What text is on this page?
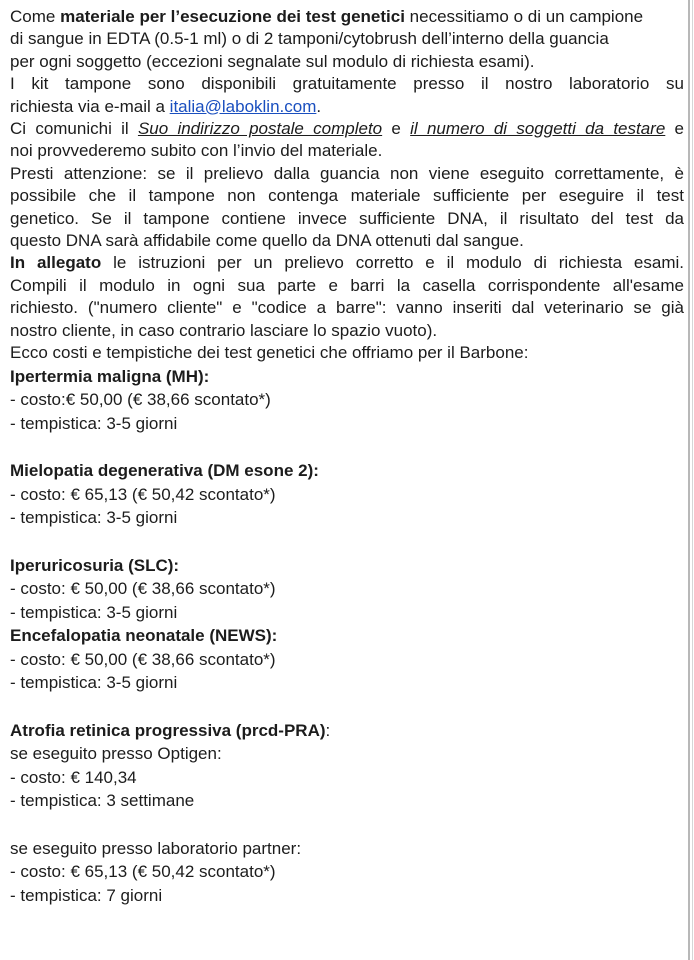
Come materiale per l’esecuzione dei test genetici necessitiamo o di un campione
di sangue in EDTA (0.5-1 ml) o di 2 tamponi/cytobrush dell’interno della guancia
per ogni soggetto (eccezioni segnalate sul modulo di richiesta esami).
I kit tampone sono disponibili gratuitamente presso il nostro laboratorio su
richiesta via e-mail a italia@laboklin.com.
Ci comunichi il Suo indirizzo postale completo e il numero di soggetti da testare e
noi provvederemo subito con l’invio del materiale.
Presti attenzione: se il prelievo dalla guancia non viene eseguito correttamente, è
possibile che il tampone non contenga materiale sufficiente per eseguire il test
genetico. Se il tampone contiene invece sufficiente DNA, il risultato del test da
questo DNA sarà affidabile come quello da DNA ottenuti dal sangue.
In allegato le istruzioni per un prelievo corretto e il modulo di richiesta esami.
Compili il modulo in ogni sua parte e barri la casella corrispondente all'esame
richiesto. ("numero cliente" e "codice a barre": vanno inseriti dal veterinario se già
nostro cliente, in caso contrario lasciare lo spazio vuoto).
Ecco costi e tempistiche dei test genetici che offriamo per il Barbone:
Ipertermia maligna (MH):
- costo:€ 50,00 (€ 38,66 scontato*)
- tempistica: 3-5 giorni
Mielopatia degenerativa (DM esone 2):
- costo: € 65,13 (€ 50,42 scontato*)
- tempistica: 3-5 giorni
Iperuricosuria (SLC):
- costo: € 50,00 (€ 38,66 scontato*)
- tempistica: 3-5 giorni
Encefalopatia neonatale (NEWS):
- costo: € 50,00 (€ 38,66 scontato*)
- tempistica: 3-5 giorni
Atrofia retinica progressiva (prcd-PRA):
se eseguito presso Optigen:
- costo: € 140,34
- tempistica: 3 settimane
se eseguito presso laboratorio partner:
- costo: € 65,13 (€ 50,42 scontato*)
- tempistica: 7 giorni
